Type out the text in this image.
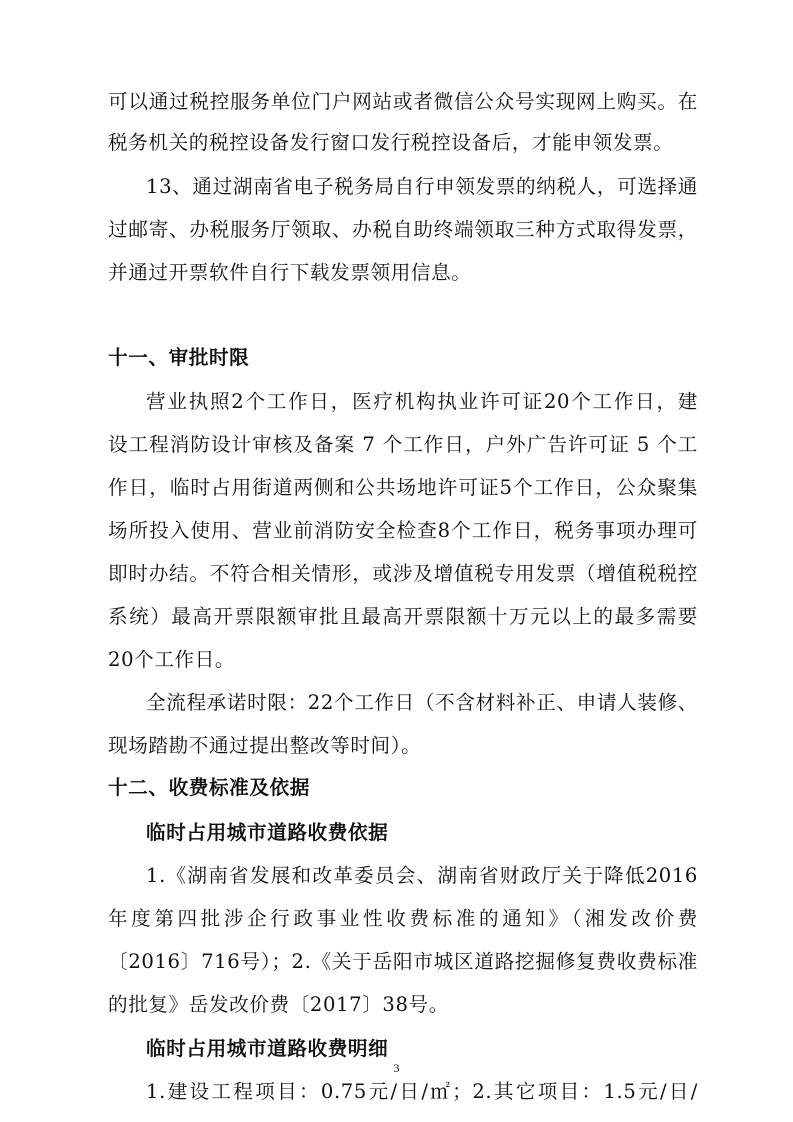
可以通过税控服务单位门户网站或者微信公众号实现网上购买。在
税务机关的税控设备发行窗口发行税控设备后，才能申领发票。
13、通过湖南省电子税务局自行申领发票的纳税人，可选择通
过邮寄、办税服务厅领取、办税自助终端领取三种方式取得发票，
并通过开票软件自行下载发票领用信息。
十一、审批时限
营业执照2个工作日，医疗机构执业许可证20个工作日，建
设工程消防设计审核及备案 7 个工作日，户外广告许可证 5 个工
作日，临时占用街道两侧和公共场地许可证5个工作日，公众聚集
场所投入使用、营业前消防安全检查8个工作日，税务事项办理可
即时办结。不符合相关情形，或涉及增值税专用发票（增值税税控
系统）最高开票限额审批且最高开票限额十万元以上的最多需要
20个工作日。
全流程承诺时限：22个工作日（不含材料补正、申请人装修、
现场踏勘不通过提出整改等时间）。
十二、收费标准及依据
临时占用城市道路收费依据
1.《湖南省发展和改革委员会、湖南省财政厅关于降低2016
年度第四批涉企行政事业性收费标准的通知》（湘发改价费
〔2016〕716号）；2.《关于岳阳市城区道路挖掘修复费收费标准
的批复》岳发改价费〔2017〕38号。
临时占用城市道路收费明细
1.建设工程项目：0.75元/日/㎡；2.其它项目：1.5元/日/
3
